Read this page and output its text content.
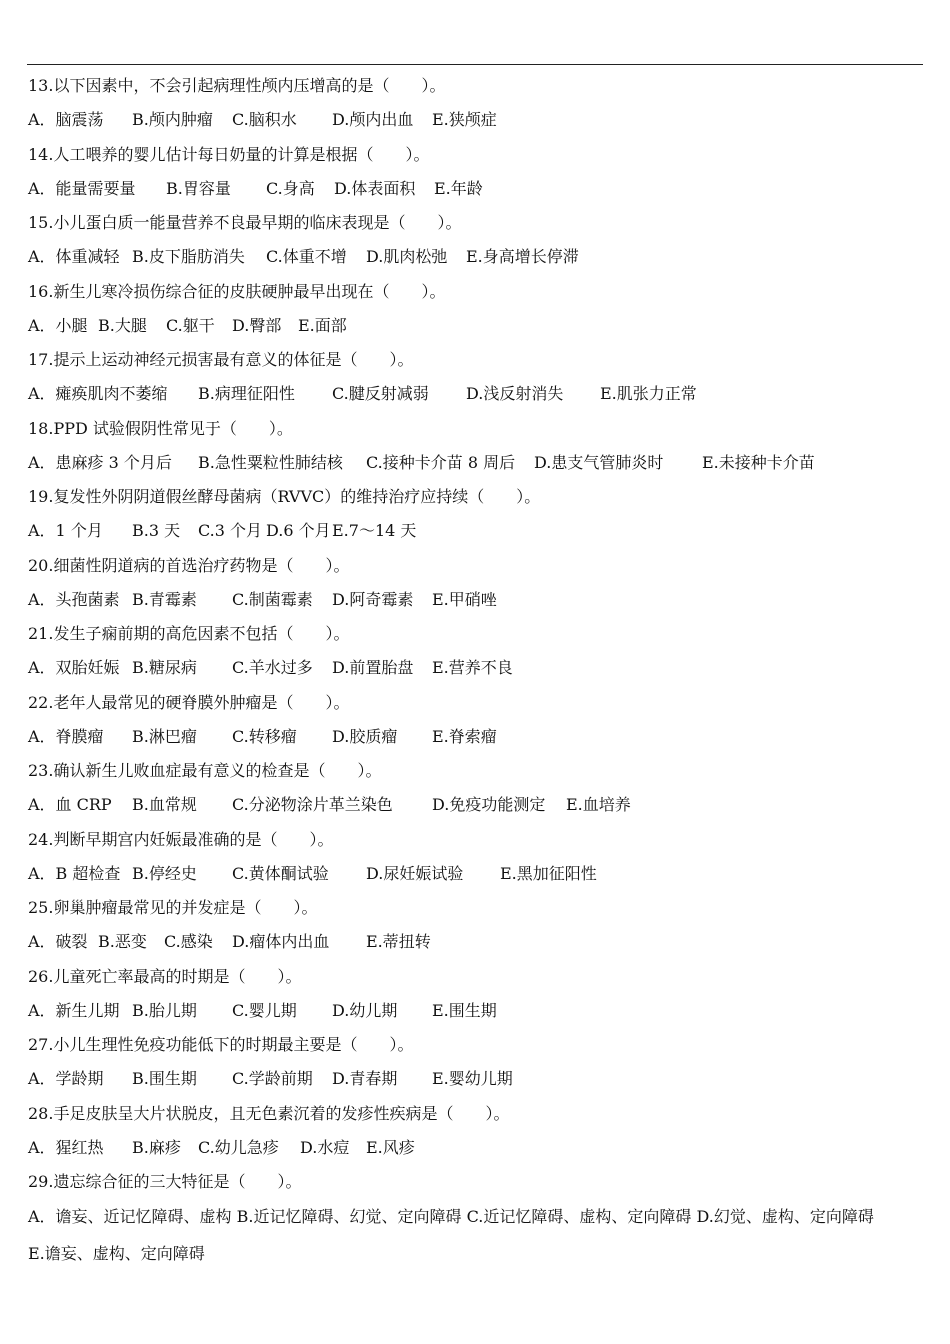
13.以下因素中，不会引起病理性颅内压增高的是（　　）。
A．脑震荡 B.颅内肿瘤 C.脑积水 D.颅内出血 E.狭颅症
14.人工喂养的婴儿估计每日奶量的计算是根据（　　）。
A．能量需要量 B.胃容量 C.身高 D.体表面积 E.年龄
15.小儿蛋白质一能量营养不良最早期的临床表现是（　　）。
A．体重减轻 B.皮下脂肪消失 C.体重不增 D.肌肉松弛 E.身高增长停滞
16.新生儿寒冷损伤综合征的皮肤硬肿最早出现在（　　）。
A．小腿 B.大腿 C.躯干 D.臀部 E.面部
17.提示上运动神经元损害最有意义的体征是（　　）。
A．瘫痪肌肉不萎缩 B.病理征阳性 C.腱反射减弱 D.浅反射消失 E.肌张力正常
18.PPD 试验假阴性常见于（　　）。
A．患麻疹 3 个月后 B.急性粟粒性肺结核 C.接种卡介苗 8 周后 D.患支气管肺炎时 E.未接种卡介苗
19.复发性外阴阴道假丝酵母菌病（RVVC）的维持治疗应持续（　　）。
A．1 个月 B.3 天 C.3 个月 D.6 个月E.7～14 天
20.细菌性阴道病的首选治疗药物是（　　）。
A．头孢菌素 B.青霉素 C.制菌霉素 D.阿奇霉素 E.甲硝唑
21.发生子痫前期的高危因素不包括（　　）。
A．双胎妊娠 B.糖尿病 C.羊水过多 D.前置胎盘 E.营养不良
22.老年人最常见的硬脊膜外肿瘤是（　　）。
A．脊膜瘤 B.淋巴瘤 C.转移瘤 D.胶质瘤 E.脊索瘤
23.确认新生儿败血症最有意义的检查是（　　）。
A．血 CRP B.血常规 C.分泌物涂片革兰染色 D.免疫功能测定 E.血培养
24.判断早期宫内妊娠最准确的是（　　）。
A．B 超检查 B.停经史 C.黄体酮试验 D.尿妊娠试验 E.黑加征阳性
25.卵巢肿瘤最常见的并发症是（　　）。
A．破裂 B.恶变 C.感染 D.瘤体内出血 E.蒂扭转
26.儿童死亡率最高的时期是（　　）。
A．新生儿期 B.胎儿期 C.婴儿期 D.幼儿期 E.围生期
27.小儿生理性免疫功能低下的时期最主要是（　　）。
A．学龄期 B.围生期 C.学龄前期 D.青春期 E.婴幼儿期
28.手足皮肤呈大片状脱皮，且无色素沉着的发疹性疾病是（　　）。
A．猩红热 B.麻疹 C.幼儿急疹 D.水痘 E.风疹
29.遗忘综合征的三大特征是（　　）。
A．谵妄、近记忆障碍、虚构 B.近记忆障碍、幻觉、定向障碍 C.近记忆障碍、虚构、定向障碍 D.幻觉、虚构、定向障碍　 E.谵妄、虚构、定向障碍
